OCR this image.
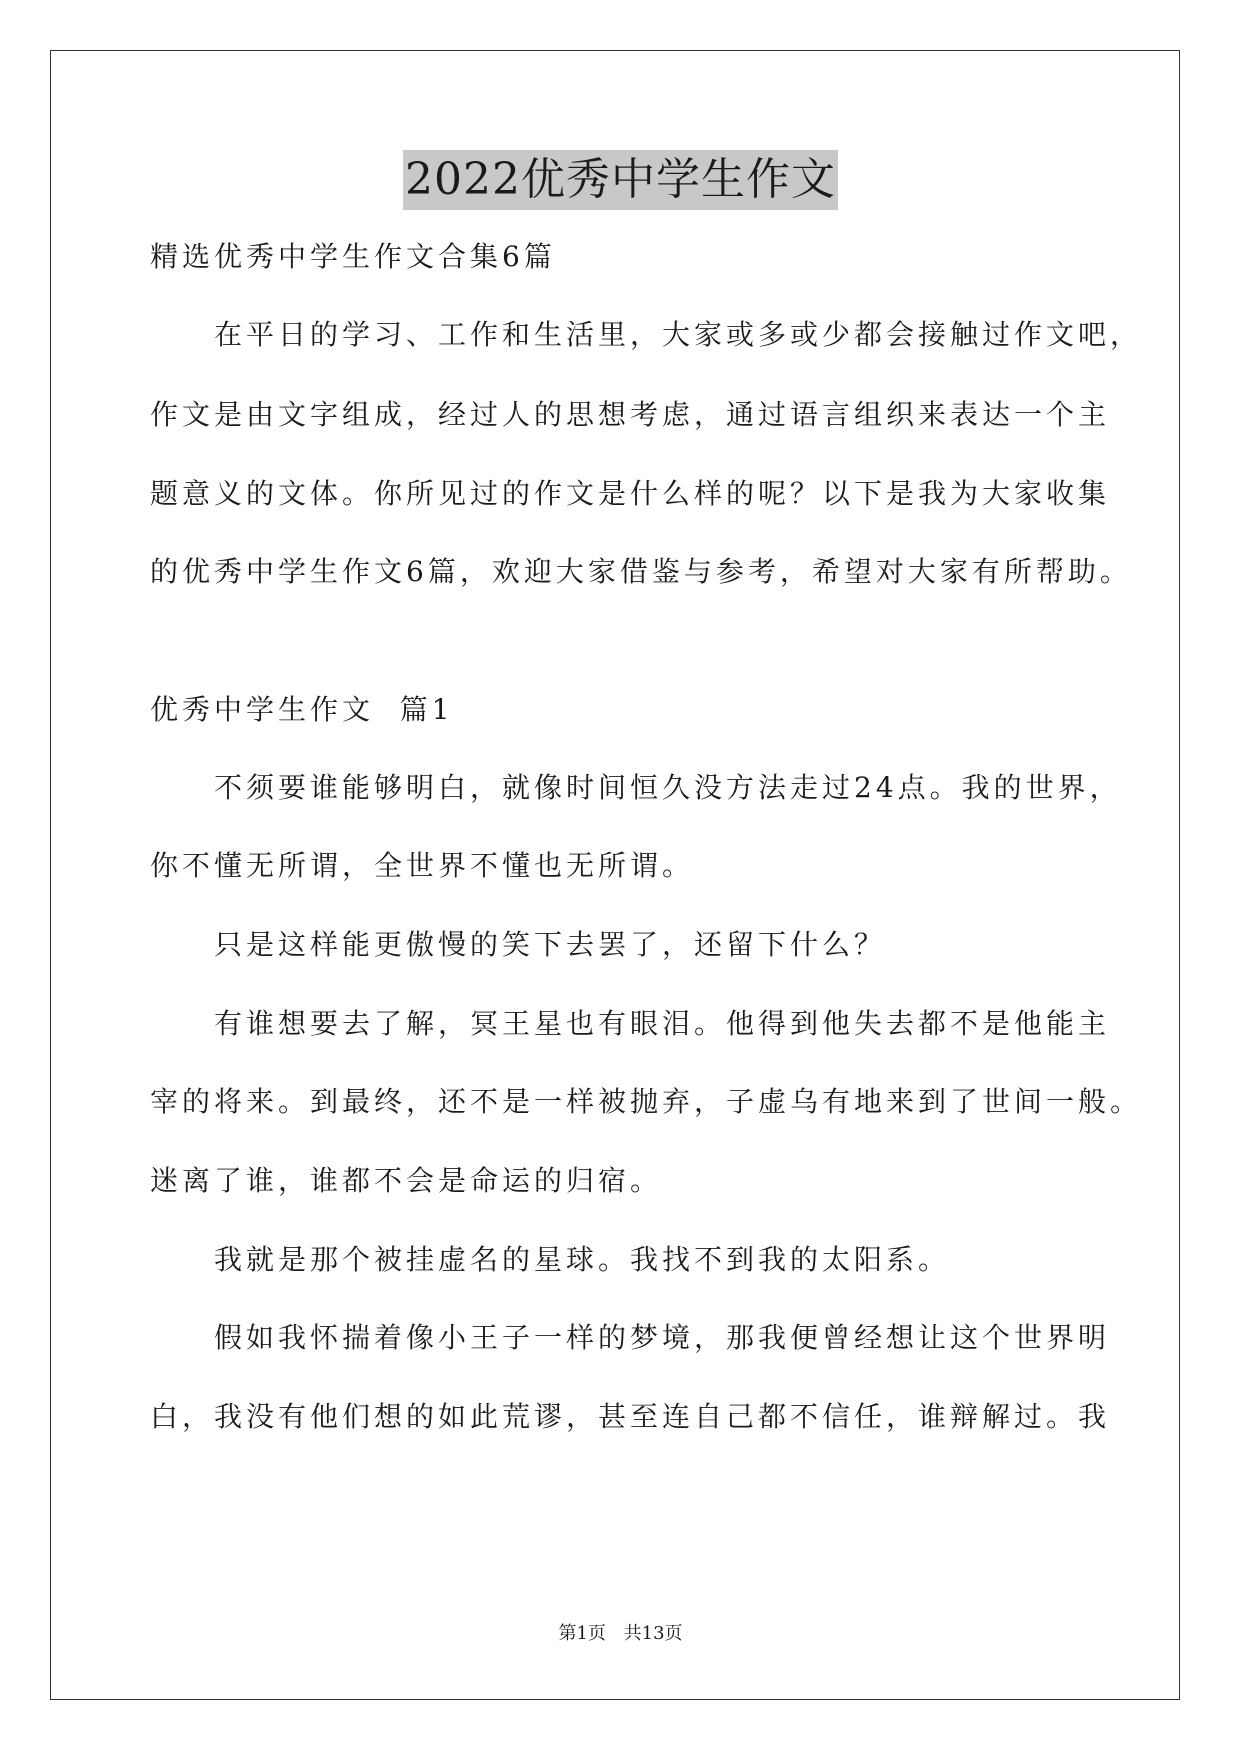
2022优秀中学生作文
精选优秀中学生作文合集6篇
在平日的学习、工作和生活里，大家或多或少都会接触过作文吧，
作文是由文字组成，经过人的思想考虑，通过语言组织来表达一个主
题意义的文体。你所见过的作文是什么样的呢？以下是我为大家收集
的优秀中学生作文6篇，欢迎大家借鉴与参考，希望对大家有所帮助。
优秀中学生作文  篇1
不须要谁能够明白，就像时间恒久没方法走过24点。我的世界，
你不懂无所谓，全世界不懂也无所谓。
只是这样能更傲慢的笑下去罢了，还留下什么？
有谁想要去了解，冥王星也有眼泪。他得到他失去都不是他能主
宰的将来。到最终，还不是一样被抛弃，子虚乌有地来到了世间一般。
迷离了谁，谁都不会是命运的归宿。
我就是那个被挂虚名的星球。我找不到我的太阳系。
假如我怀揣着像小王子一样的梦境，那我便曾经想让这个世界明
白，我没有他们想的如此荒谬，甚至连自己都不信任，谁辩解过。我
第1页 共13页
